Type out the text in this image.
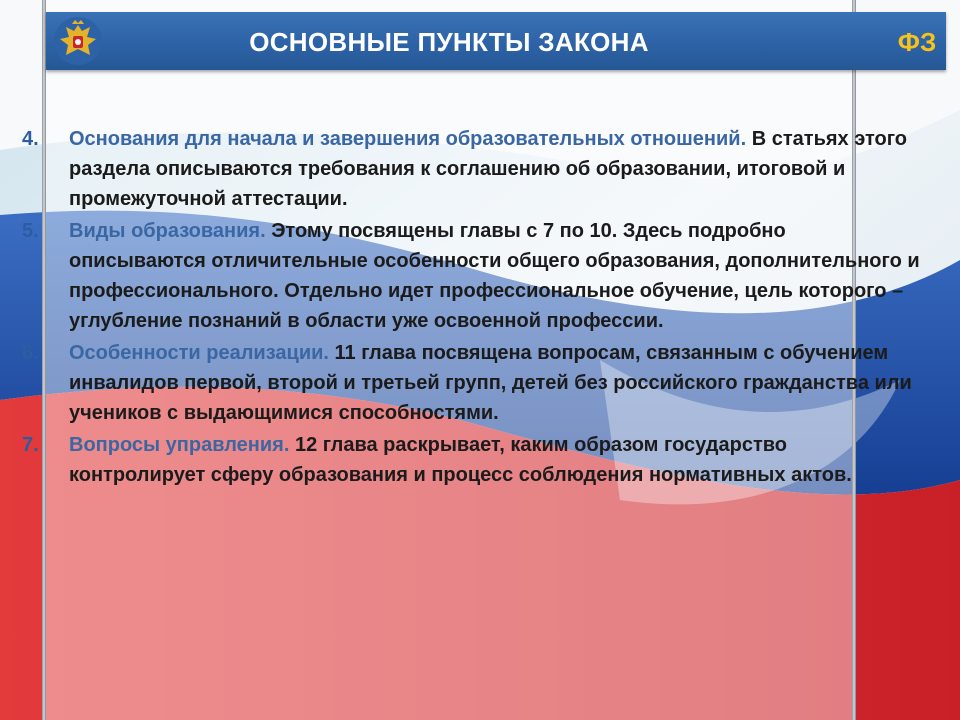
ОСНОВНЫЕ ПУНКТЫ ЗАКОНА	ФЗ
4. Основания для начала и завершения образовательных отношений. В статьях этого раздела описываются требования к соглашению об образовании, итоговой и промежуточной аттестации.
5. Виды образования. Этому посвящены главы с 7 по 10. Здесь подробно описываются отличительные особенности общего образования, дополнительного и профессионального. Отдельно идет профессиональное обучение, цель которого – углубление познаний в области уже освоенной профессии.
6. Особенности реализации. 11 глава посвящена вопросам, связанным с обучением инвалидов первой, второй и третьей групп, детей без российского гражданства или учеников с выдающимися способностями.
7. Вопросы управления. 12 глава раскрывает, каким образом государство контролирует сферу образования и процесс соблюдения нормативных актов.
